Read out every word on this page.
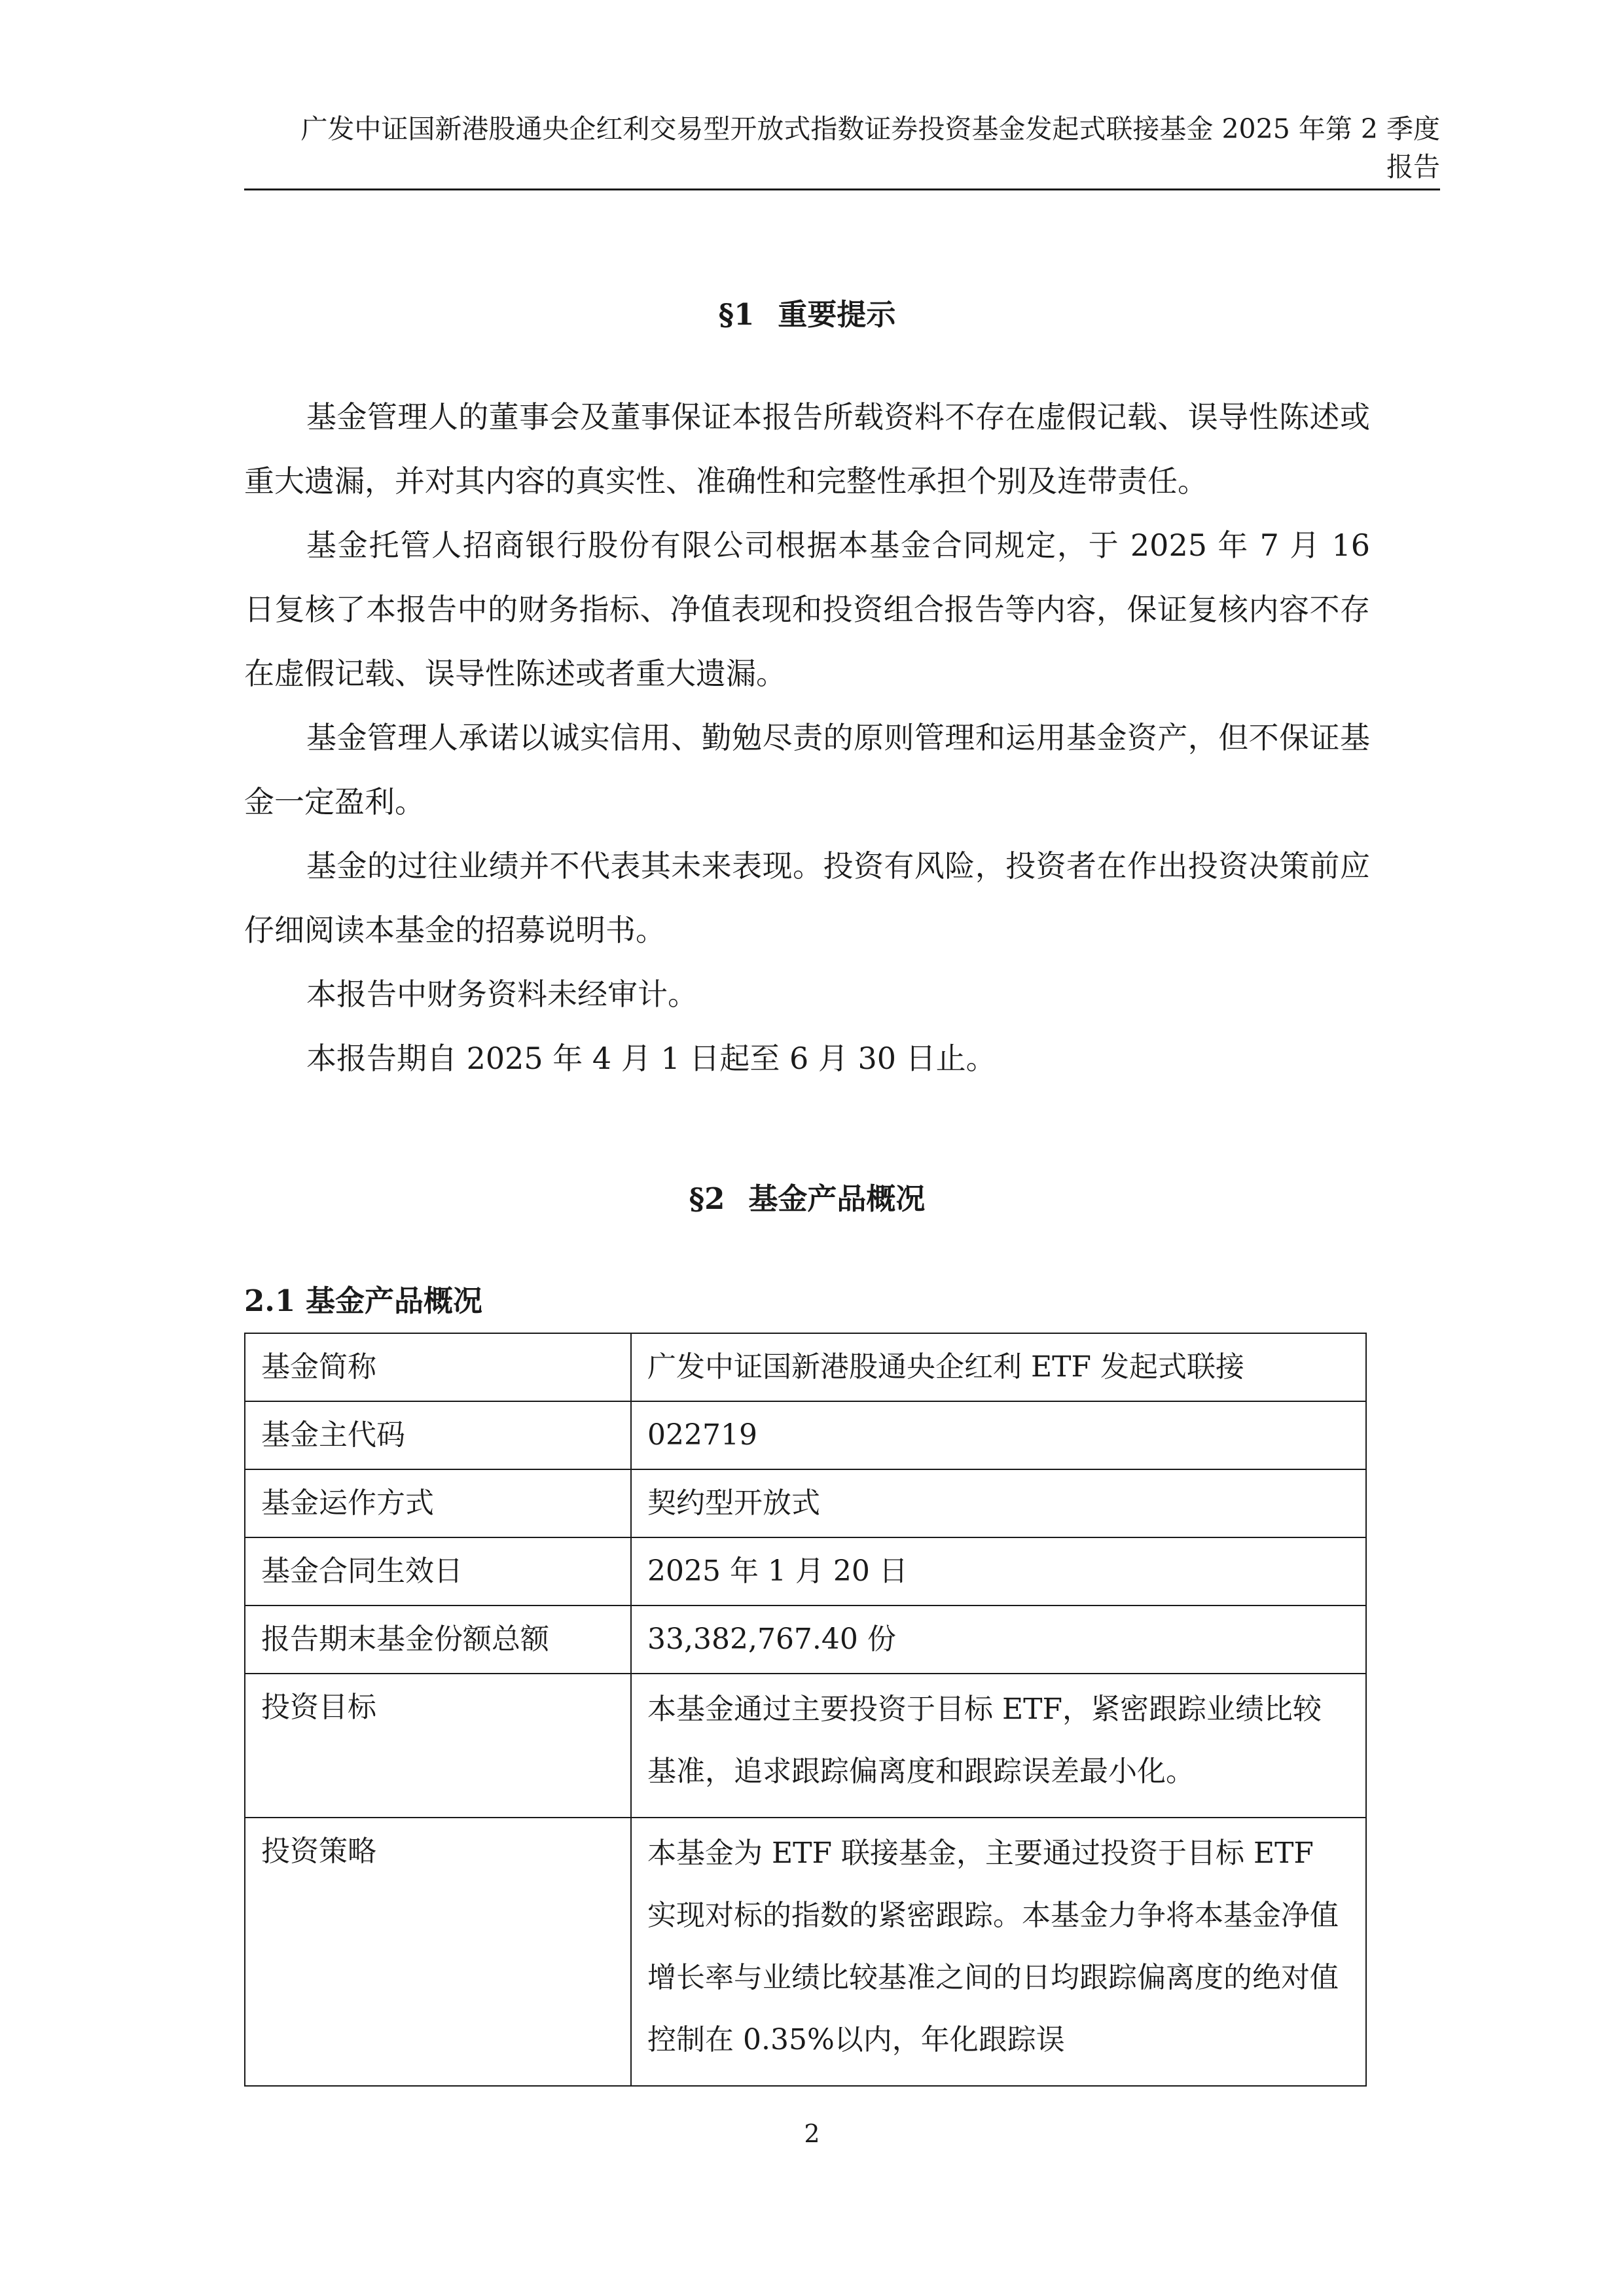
广发中证国新港股通央企红利交易型开放式指数证券投资基金发起式联接基金 2025 年第 2 季度
报告
§1 重要提示

基金管理人的董事会及董事保证本报告所载资料不存在虚假记载、误导性陈述或重大遗漏，并对其内容的真实性、准确性和完整性承担个别及连带责任。

基金托管人招商银行股份有限公司根据本基金合同规定，于 2025 年 7 月 16 日复核了本报告中的财务指标、净值表现和投资组合报告等内容，保证复核内容不存在虚假记载、误导性陈述或者重大遗漏。

基金管理人承诺以诚实信用、勤勉尽责的原则管理和运用基金资产，但不保证基金一定盈利。

基金的过往业绩并不代表其未来表现。投资有风险，投资者在作出投资决策前应仔细阅读本基金的招募说明书。

本报告中财务资料未经审计。

本报告期自 2025 年 4 月 1 日起至 6 月 30 日止。

§2 基金产品概况
2.1 基金产品概况
基金简称	广发中证国新港股通央企红利 ETF 发起式联接
基金主代码	022719
基金运作方式	契约型开放式
基金合同生效日	2025 年 1 月 20 日
报告期末基金份额总额	33,382,767.40 份
投资目标	本基金通过主要投资于目标 ETF，紧密跟踪业绩比较基准，追求跟踪偏离度和跟踪误差最小化。

投资策略	本基金为 ETF 联接基金，主要通过投资于目标 ETF 实现对标的指数的紧密跟踪。本基金力争将本基金净值增长率与业绩比较基准之间的日均跟踪偏离度的绝对值控制在 0.35%以内，年化跟踪误
2
